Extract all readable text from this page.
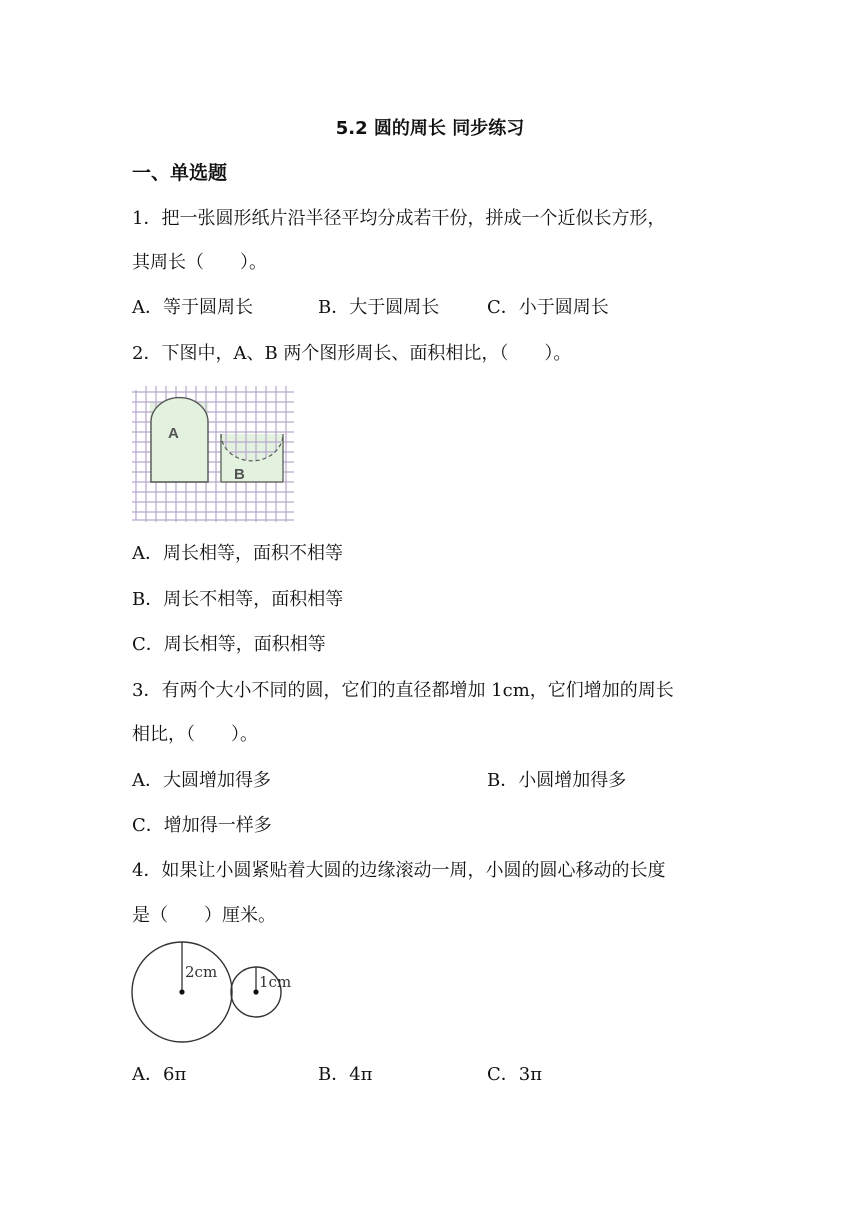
5.2 圆的周长 同步练习
一、单选题
1．把一张圆形纸片沿半径平均分成若干份，拼成一个近似长方形，
其周长（　　）。
A．等于圆周长	B．大于圆周长	C．小于圆周长
2．下图中，A、B 两个图形周长、面积相比，（　　）。
A
B
A．周长相等，面积不相等
B．周长不相等，面积相等
C．周长相等，面积相等
3．有两个大小不同的圆，它们的直径都增加 1cm，它们增加的周长
相比，（　　）。
A．大圆增加得多	B．小圆增加得多
C．增加得一样多
4．如果让小圆紧贴着大圆的边缘滚动一周，小圆的圆心移动的长度
是（　　）厘米。
2cm
1cm
A．6π	B．4π	C．3π
